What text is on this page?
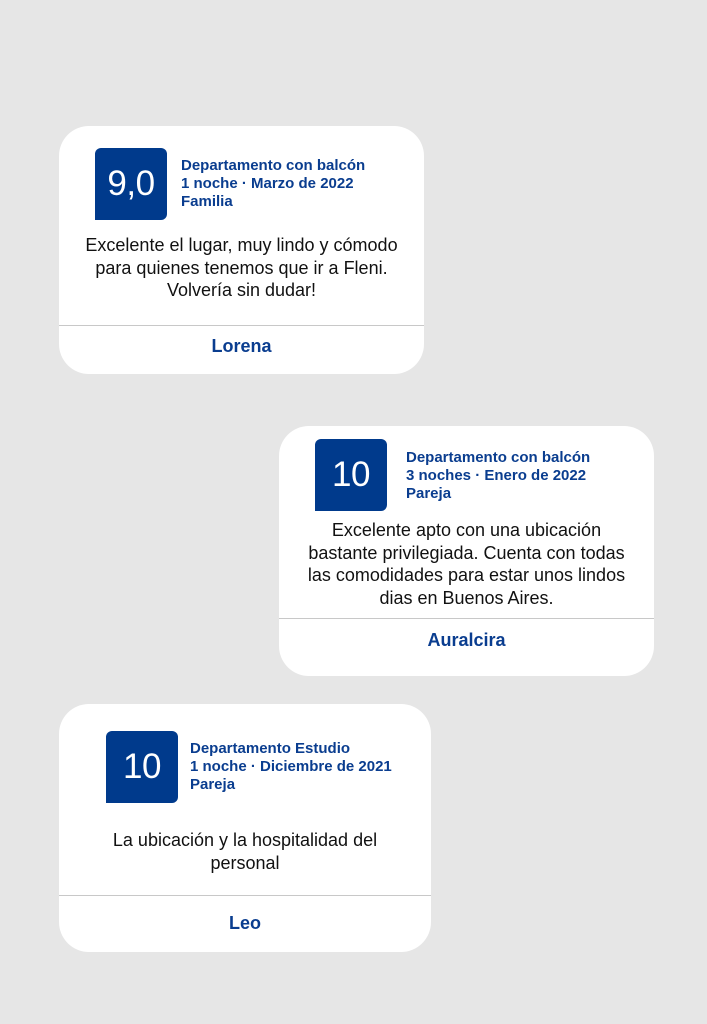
9,0	Departamento con balcón
1 noche · Marzo de 2022
Familia
Excelente el lugar, muy lindo y cómodo
para quienes tenemos que ir a Fleni.
Volvería sin dudar!
Lorena
10	Departamento con balcón
3 noches · Enero de 2022
Pareja
Excelente apto con una ubicación
bastante privilegiada. Cuenta con todas
las comodidades para estar unos lindos
dias en Buenos Aires.
Auralcira
10	Departamento Estudio
1 noche · Diciembre de 2021
Pareja
La ubicación y la hospitalidad del
personal
Leo
